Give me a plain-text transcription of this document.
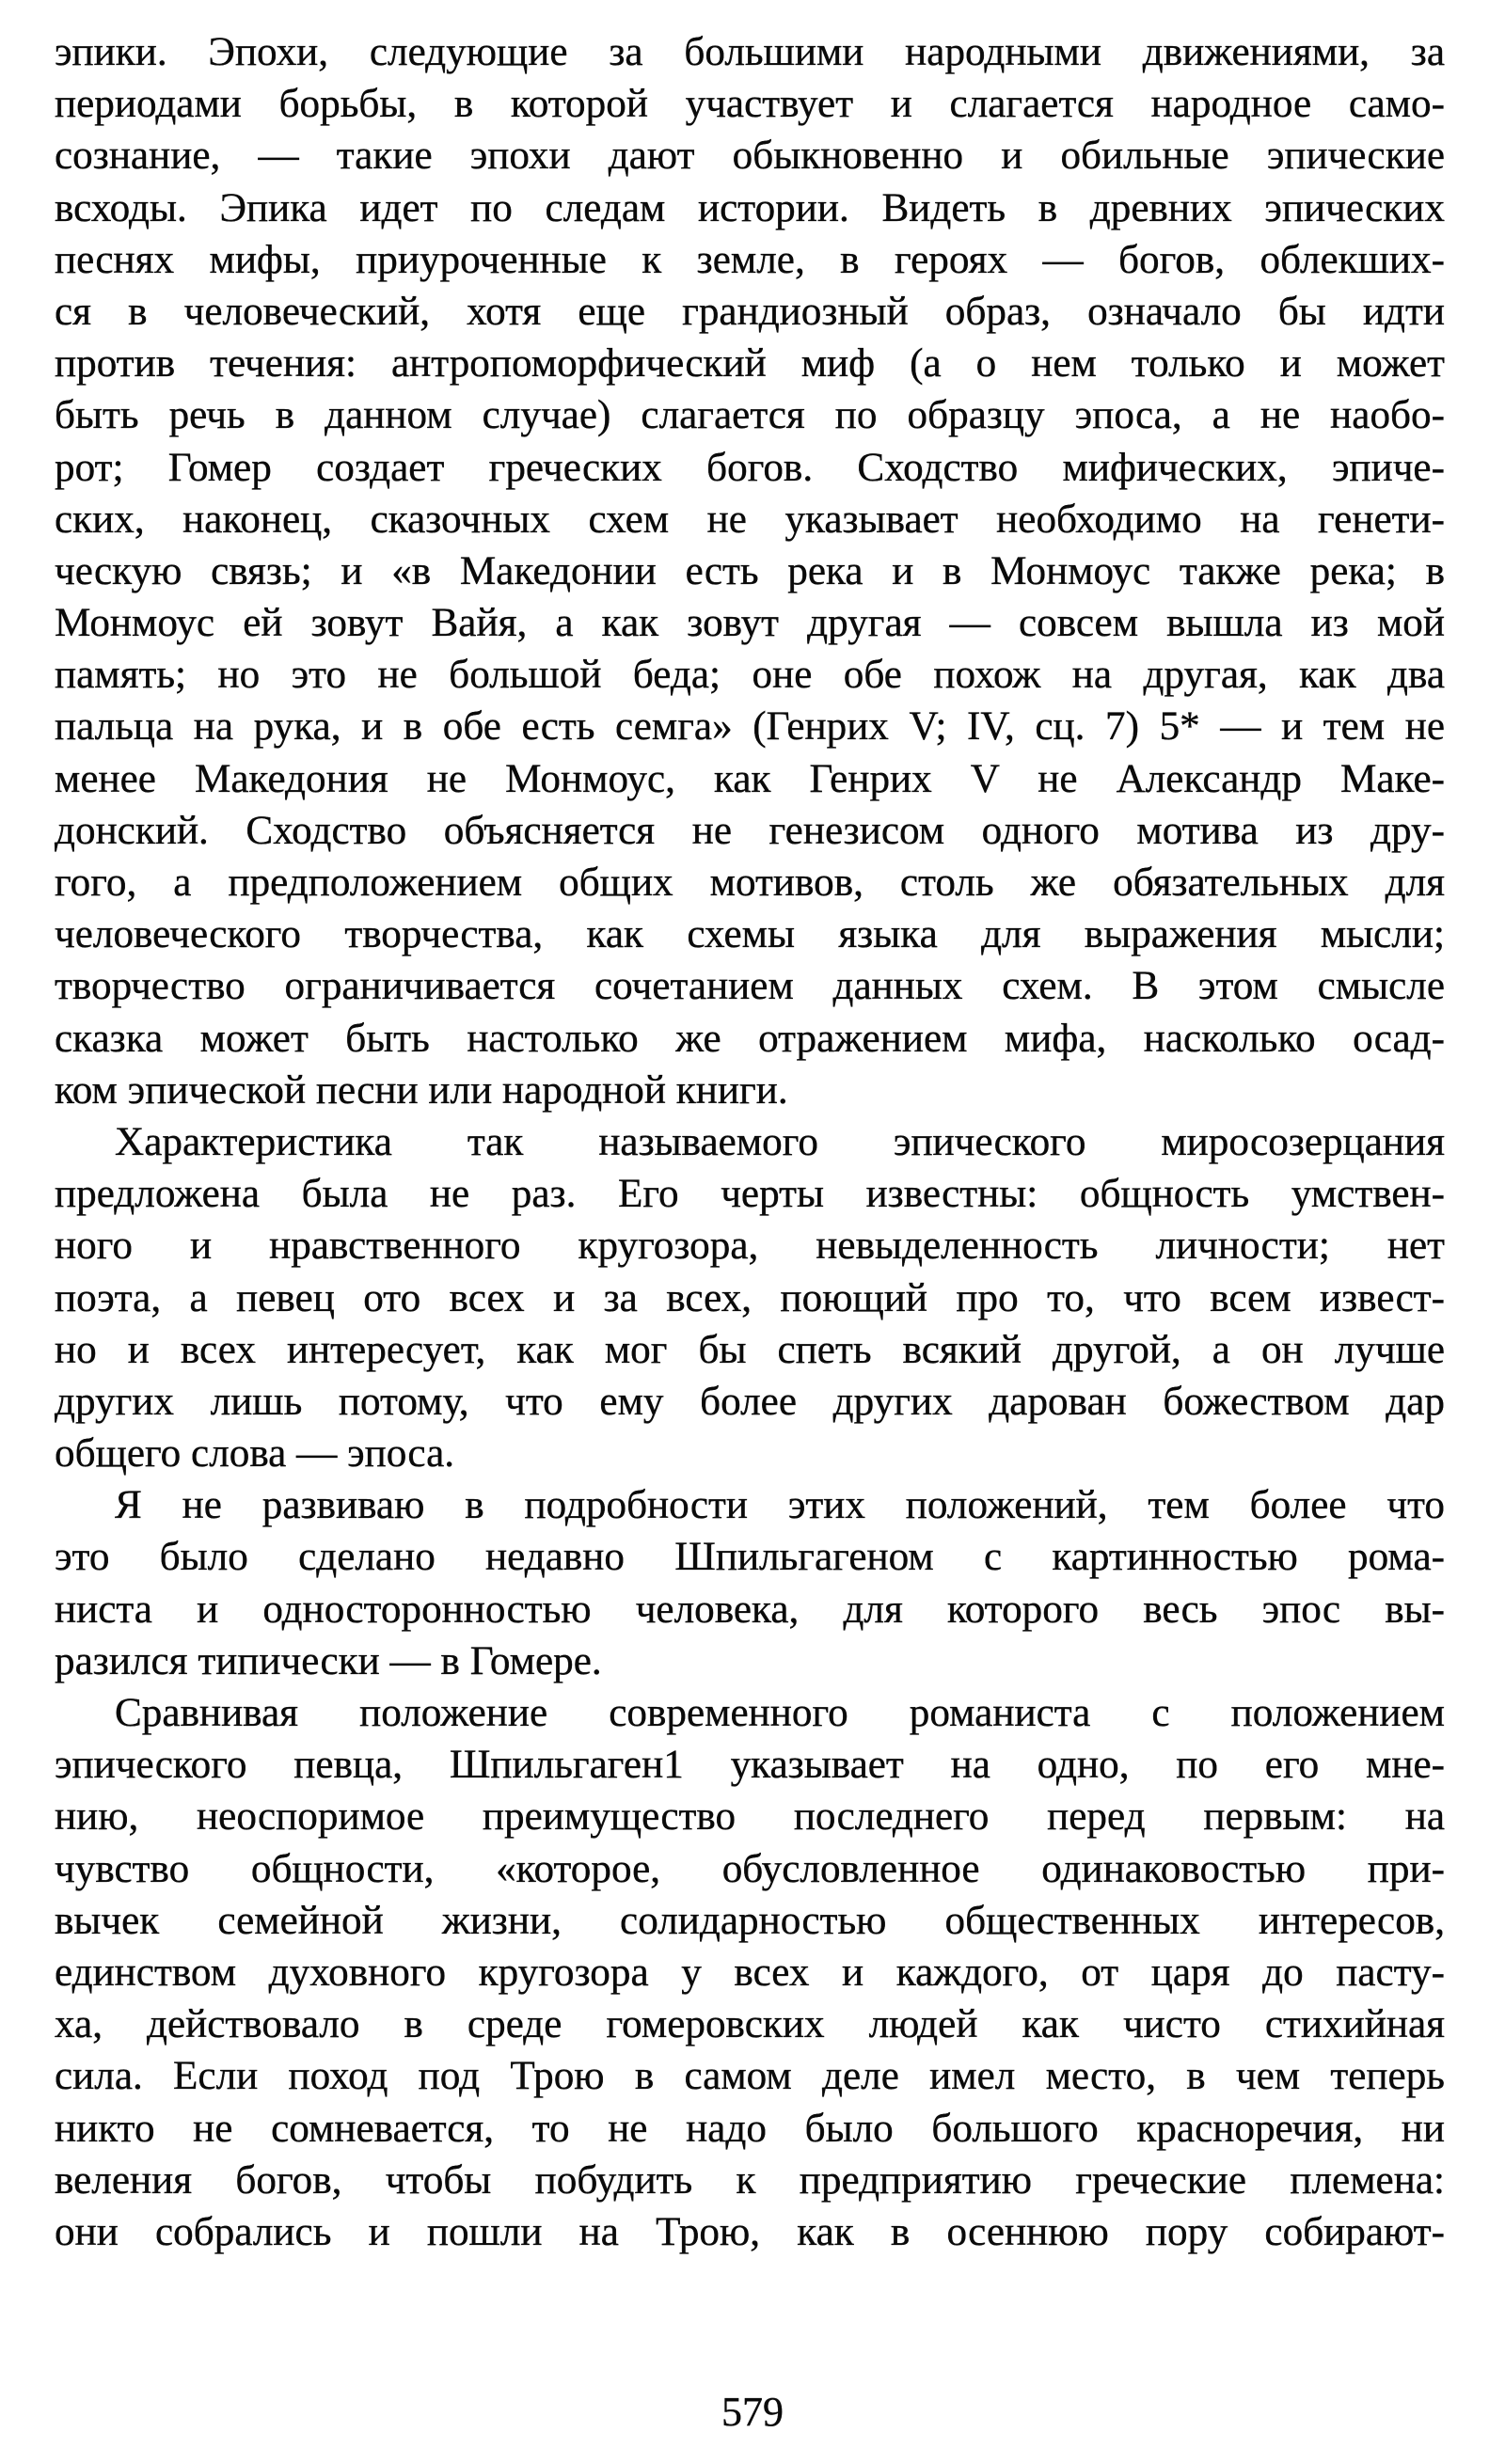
эпики. Эпохи, следующие за большими народными движениями, за
периодами борьбы, в которой участвует и слагается народное само-
сознание, — такие эпохи дают обыкновенно и обильные эпические
всходы. Эпика идет по следам истории. Видеть в древних эпических
песнях мифы, приуроченные к земле, в героях — богов, облекших-
ся в человеческий, хотя еще грандиозный образ, означало бы идти
против течения: антропоморфический миф (а о нем только и может
быть речь в данном случае) слагается по образцу эпоса, а не наобо-
рот; Гомер создает греческих богов. Сходство мифических, эпиче-
ских, наконец, сказочных схем не указывает необходимо на генети-
ческую связь; и «в Македонии есть река и в Монмоус также река; в
Монмоус ей зовут Вайя, а как зовут другая — совсем вышла из мой
память; но это не большой беда; оне обе похож на другая, как два
пальца на рука, и в обе есть семга» (Генрих V; IV, сц. 7) 5* — и тем не
менее Македония не Монмоус, как Генрих V не Александр Маке-
донский. Сходство объясняется не генезисом одного мотива из дру-
гого, а предположением общих мотивов, столь же обязательных для
человеческого творчества, как схемы языка для выражения мысли;
творчество ограничивается сочетанием данных схем. В этом смысле
сказка может быть настолько же отражением мифа, насколько осад-
ком эпической песни или народной книги.
Характеристика так называемого эпического миросозерцания
предложена была не раз. Его черты известны: общность умствен-
ного и нравственного кругозора, невыделенность личности; нет
поэта, а певец ото всех и за всех, поющий про то, что всем извест-
но и всех интересует, как мог бы спеть всякий другой, а он лучше
других лишь потому, что ему более других дарован божеством дар
общего слова — эпоса.
Я не развиваю в подробности этих положений, тем более что
это было сделано недавно Шпильгагеном с картинностью рома-
ниста и односторонностью человека, для которого весь эпос вы-
разился типически — в Гомере.
Сравнивая положение современного романиста с положением
эпического певца, Шпильгаген1 указывает на одно, по его мне-
нию, неоспоримое преимущество последнего перед первым: на
чувство общности, «которое, обусловленное одинаковостью при-
вычек семейной жизни, солидарностью общественных интересов,
единством духовного кругозора у всех и каждого, от царя до пасту-
ха, действовало в среде гомеровских людей как чисто стихийная
сила. Если поход под Трою в самом деле имел место, в чем теперь
никто не сомневается, то не надо было большого красноречия, ни
веления богов, чтобы побудить к предприятию греческие племена:
они собрались и пошли на Трою, как в осеннюю пору собирают-
579
